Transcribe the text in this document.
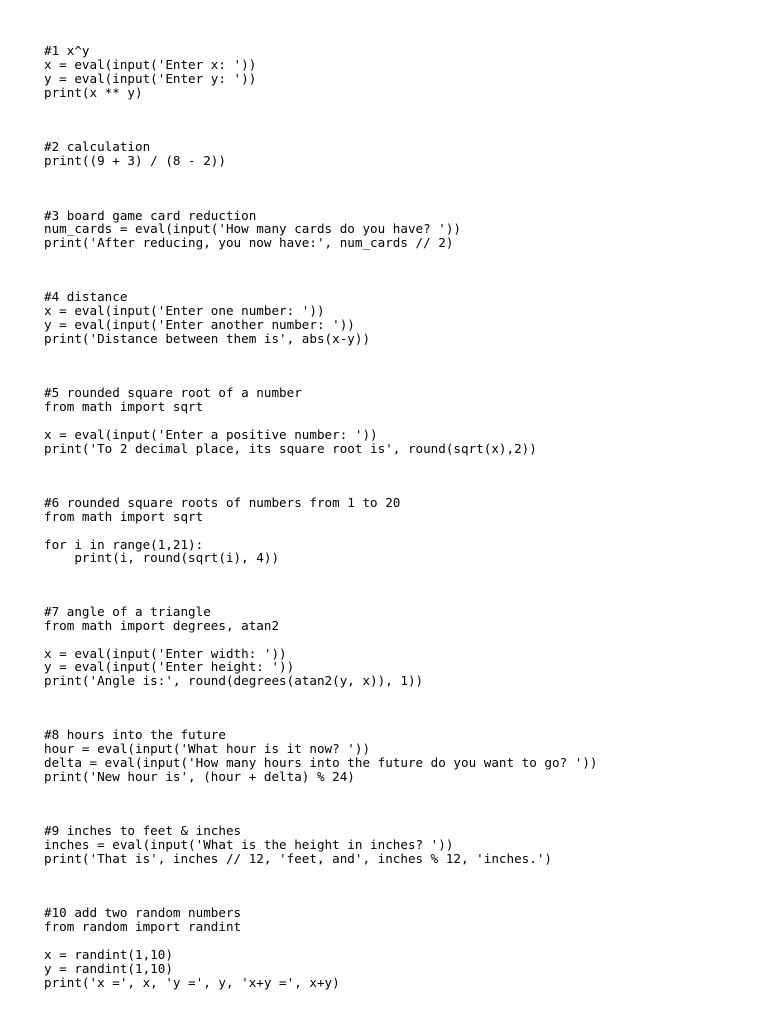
#1 x^y
x = eval(input('Enter x: '))
y = eval(input('Enter y: '))
print(x ** y)
#2 calculation
print((9 + 3) / (8 - 2))
#3 board game card reduction
num_cards = eval(input('How many cards do you have? '))
print('After reducing, you now have:', num_cards // 2)
#4 distance
x = eval(input('Enter one number: '))
y = eval(input('Enter another number: '))
print('Distance between them is', abs(x-y))
#5 rounded square root of a number
from math import sqrt
x = eval(input('Enter a positive number: '))
print('To 2 decimal place, its square root is', round(sqrt(x),2))
#6 rounded square roots of numbers from 1 to 20
from math import sqrt
for i in range(1,21):
print(i, round(sqrt(i), 4))
#7 angle of a triangle
from math import degrees, atan2
x = eval(input('Enter width: '))
y = eval(input('Enter height: '))
print('Angle is:', round(degrees(atan2(y, x)), 1))
#8 hours into the future
hour = eval(input('What hour is it now? '))
delta = eval(input('How many hours into the future do you want to go? '))
print('New hour is', (hour + delta) % 24)
#9 inches to feet & inches
inches = eval(input('What is the height in inches? '))
print('That is', inches // 12, 'feet, and', inches % 12, 'inches.')
#10 add two random numbers
from random import randint
x = randint(1,10)
y = randint(1,10)
print('x =', x, 'y =', y, 'x+y =', x+y)
